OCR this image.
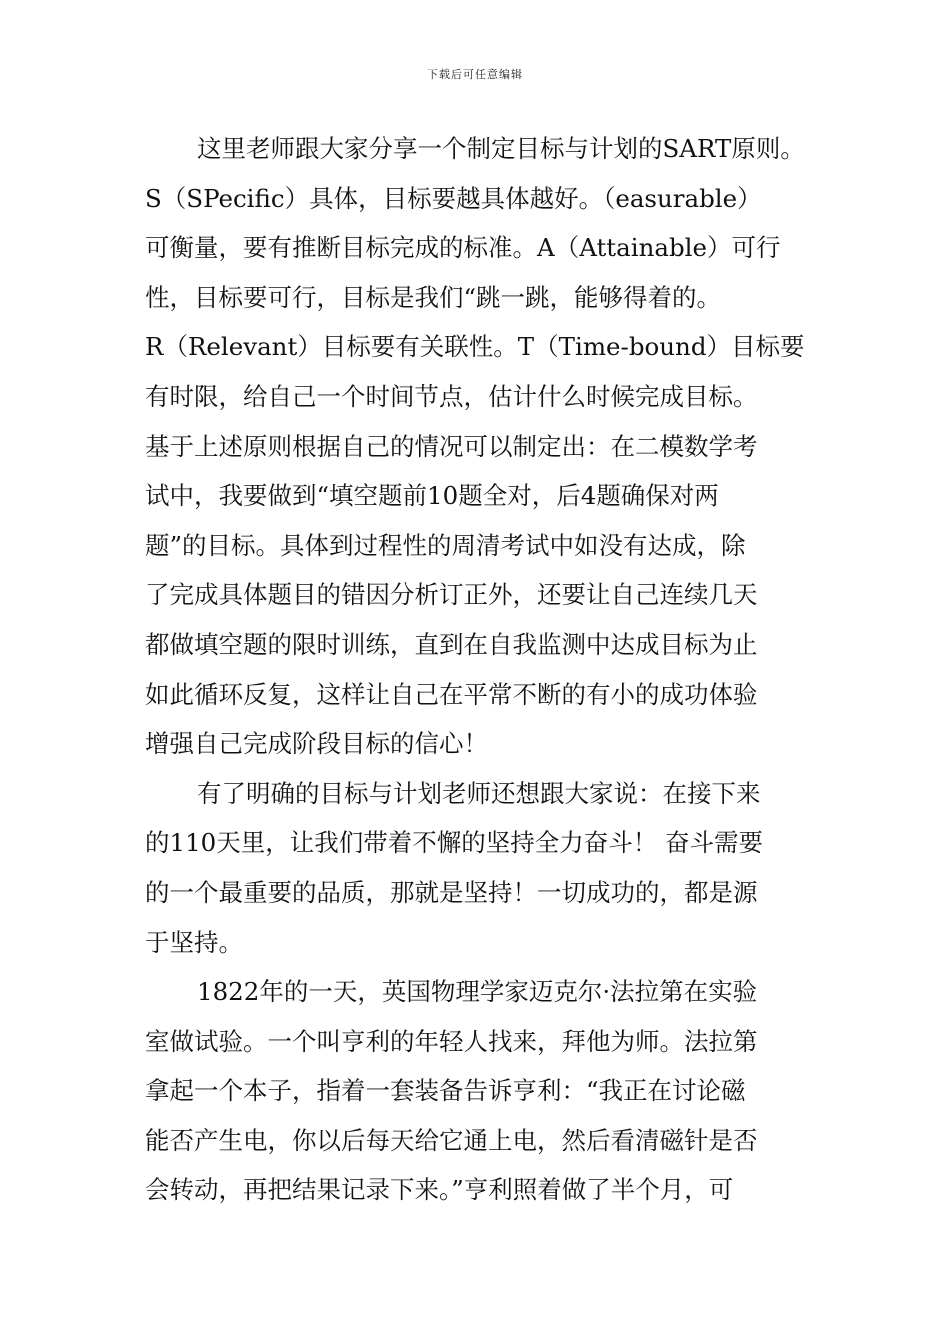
下载后可任意编辑
这里老师跟大家分享一个制定目标与计划的SART原则。
S（SPecific）具体，目标要越具体越好。（easurable）
可衡量，要有推断目标完成的标准。A（Attainable）可行
性，目标要可行，目标是我们“跳一跳，能够得着的。
R（Relevant）目标要有关联性。T（Time-bound）目标要
有时限，给自己一个时间节点，估计什么时候完成目标。
基于上述原则根据自己的情况可以制定出：在二模数学考
试中，我要做到“填空题前10题全对，后4题确保对两
题”的目标。具体到过程性的周清考试中如没有达成，除
了完成具体题目的错因分析订正外，还要让自己连续几天
都做填空题的限时训练，直到在自我监测中达成目标为止
如此循环反复，这样让自己在平常不断的有小的成功体验
增强自己完成阶段目标的信心！
有了明确的目标与计划老师还想跟大家说：在接下来
的110天里，让我们带着不懈的坚持全力奋斗！ 奋斗需要
的一个最重要的品质，那就是坚持！一切成功的，都是源
于坚持。
1822年的一天，英国物理学家迈克尔·法拉第在实验
室做试验。一个叫亨利的年轻人找来，拜他为师。法拉第
拿起一个本子，指着一套装备告诉亨利：“我正在讨论磁
能否产生电，你以后每天给它通上电，然后看清磁针是否
会转动，再把结果记录下来。”亨利照着做了半个月，可
